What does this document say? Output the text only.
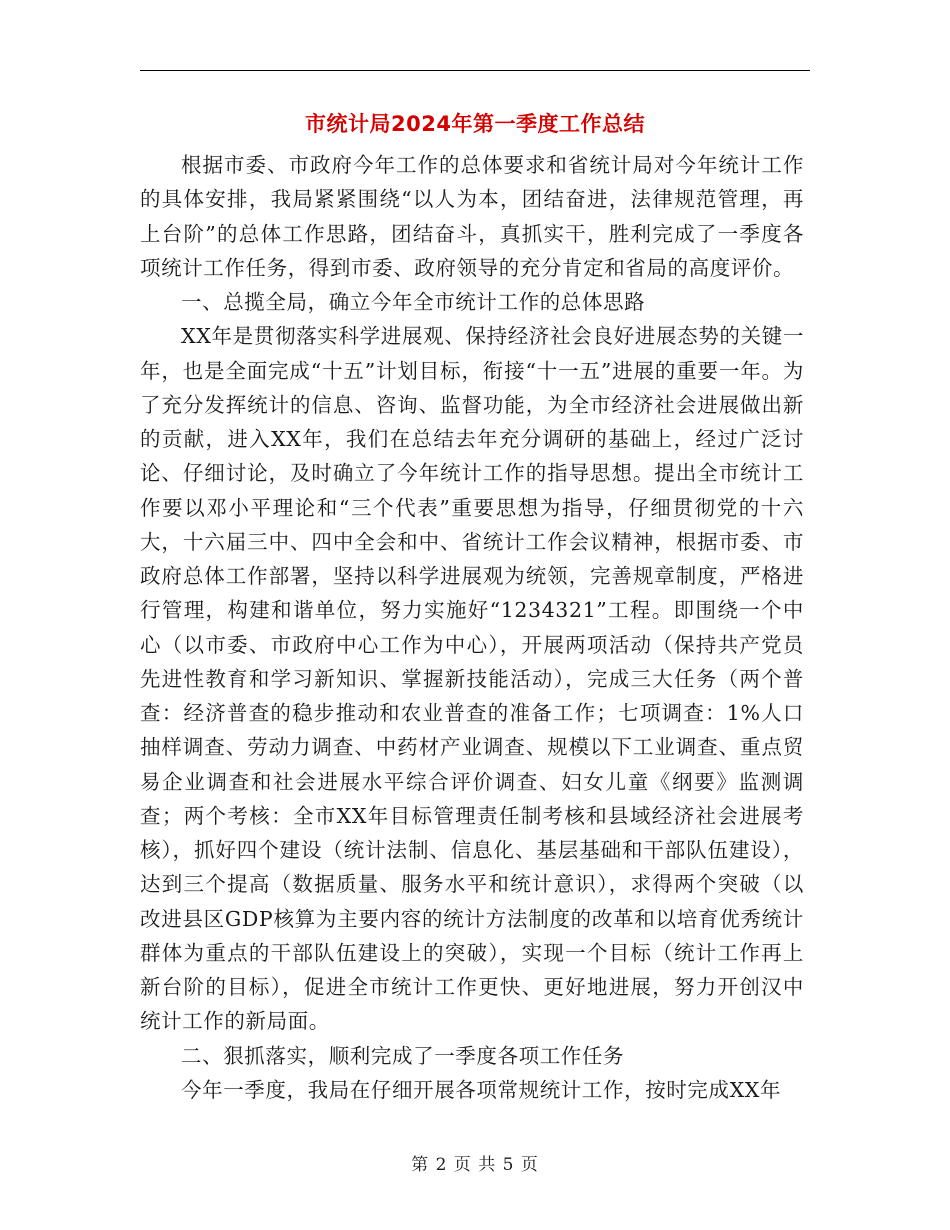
市统计局2024年第一季度工作总结

根据市委、市政府今年工作的总体要求和省统计局对今年统计工作的具体安排，我局紧紧围绕“以人为本，团结奋进，法律规范管理，再上台阶”的总体工作思路，团结奋斗，真抓实干，胜利完成了一季度各项统计工作任务，得到市委、政府领导的充分肯定和省局的高度评价。

一、总揽全局，确立今年全市统计工作的总体思路

XX年是贯彻落实科学进展观、保持经济社会良好进展态势的关键一年，也是全面完成“十五”计划目标，衔接“十一五”进展的重要一年。为了充分发挥统计的信息、咨询、监督功能，为全市经济社会进展做出新的贡献，进入XX年，我们在总结去年充分调研的基础上，经过广泛讨论、仔细讨论，及时确立了今年统计工作的指导思想。提出全市统计工作要以邓小平理论和“三个代表”重要思想为指导，仔细贯彻党的十六大，十六届三中、四中全会和中、省统计工作会议精神，根据市委、市政府总体工作部署，坚持以科学进展观为统领，完善规章制度，严格进行管理，构建和谐单位，努力实施好“1234321”工程。即围绕一个中心（以市委、市政府中心工作为中心），开展两项活动（保持共产党员先进性教育和学习新知识、掌握新技能活动），完成三大任务（两个普查：经济普查的稳步推动和农业普查的准备工作；七项调查：1%人口抽样调查、劳动力调查、中药材产业调查、规模以下工业调查、重点贸易企业调查和社会进展水平综合评价调查、妇女儿童《纲要》监测调查；两个考核：全市XX年目标管理责任制考核和县域经济社会进展考核），抓好四个建设（统计法制、信息化、基层基础和干部队伍建设），达到三个提高（数据质量、服务水平和统计意识），求得两个突破（以改进县区GDP核算为主要内容的统计方法制度的改革和以培育优秀统计群体为重点的干部队伍建设上的突破），实现一个目标（统计工作再上新台阶的目标），促进全市统计工作更快、更好地进展，努力开创汉中统计工作的新局面。

二、狠抓落实，顺利完成了一季度各项工作任务

今年一季度，我局在仔细开展各项常规统计工作，按时完成XX年

第 2 页 共 5 页
